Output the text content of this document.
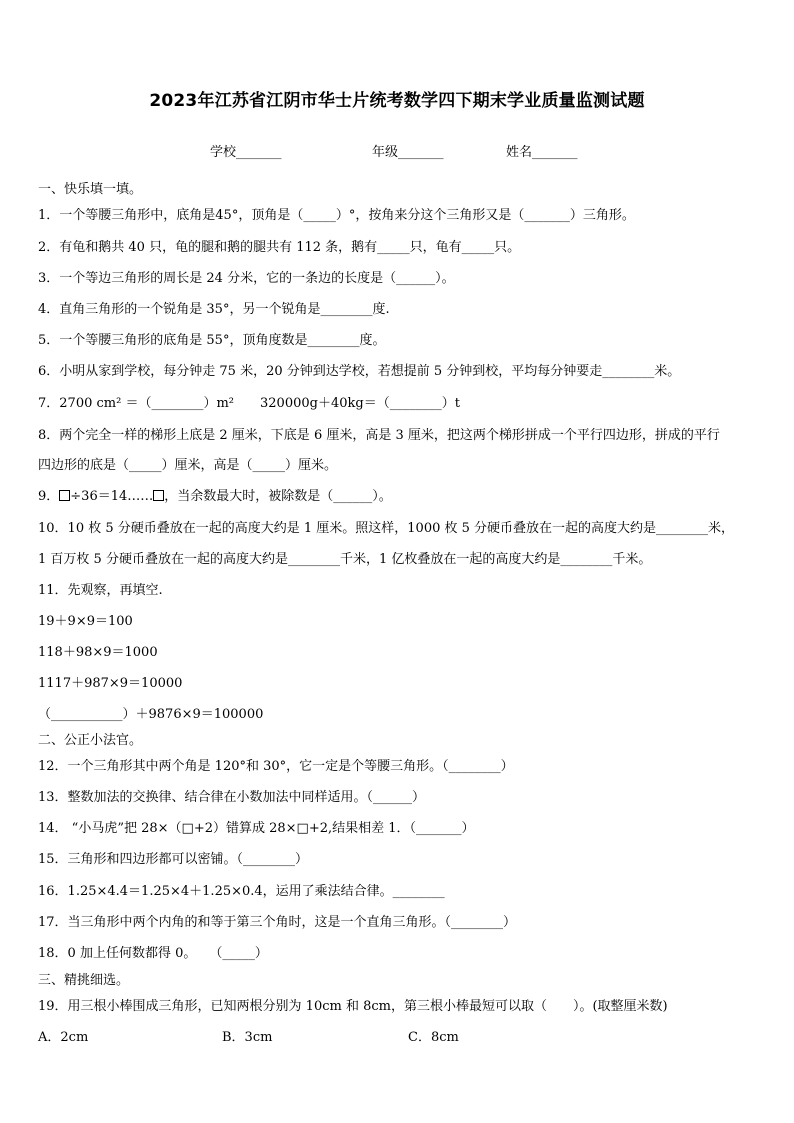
2023年江苏省江阴市华士片统考数学四下期末学业质量监测试题
学校_______	年级_______	姓名_______
一、快乐填一填。
1．一个等腰三角形中，底角是45°，顶角是（_____）°，按角来分这个三角形又是（_______）三角形。
2．有龟和鹅共 40 只，龟的腿和鹅的腿共有 112 条，鹅有_____只，龟有_____只。
3．一个等边三角形的周长是 24 分米，它的一条边的长度是（______）。
4．直角三角形的一个锐角是 35°，另一个锐角是________度.
5．一个等腰三角形的底角是 55°，顶角度数是________度。
6．小明从家到学校，每分钟走 75 米，20 分钟到达学校，若想提前 5 分钟到校，平均每分钟要走________米。
7．2700 cm² ＝（________）m² 320000g＋40kg＝（________）t
8．两个完全一样的梯形上底是 2 厘米，下底是 6 厘米，高是 3 厘米，把这两个梯形拼成一个平行四边形，拼成的平行
四边形的底是（_____）厘米，高是（_____）厘米。
9． ÷36＝14…… ，当余数最大时，被除数是（______）。
10．10 枚 5 分硬币叠放在一起的高度大约是 1 厘米。照这样，1000 枚 5 分硬币叠放在一起的高度大约是________米，
1 百万枚 5 分硬币叠放在一起的高度大约是________千米，1 亿枚叠放在一起的高度大约是________千米。
11．先观察，再填空.
19＋9×9＝100
118＋98×9＝1000
1117＋987×9＝10000
（___________）＋9876×9＝100000
二、公正小法官。
12．一个三角形其中两个角是 120°和 30°，它一定是个等腰三角形。（________）
13．整数加法的交换律、结合律在小数加法中同样适用。（______）
14． “小马虎”把 28×（□+2）错算成 28×□+2,结果相差 1．（_______）
15．三角形和四边形都可以密铺。（________）
16．1.25×4.4＝1.25×4＋1.25×0.4，运用了乘法结合律。________
17．当三角形中两个内角的和等于第三个角时，这是一个直角三角形。（________）
18．0 加上任何数都得 0。　　（_____）
三、精挑细选。
19．用三根小棒围成三角形，已知两根分别为 10cm 和 8cm，第三根小棒最短可以取（　　）。(取整厘米数)
A．2cm	B．3cm	C．8cm
